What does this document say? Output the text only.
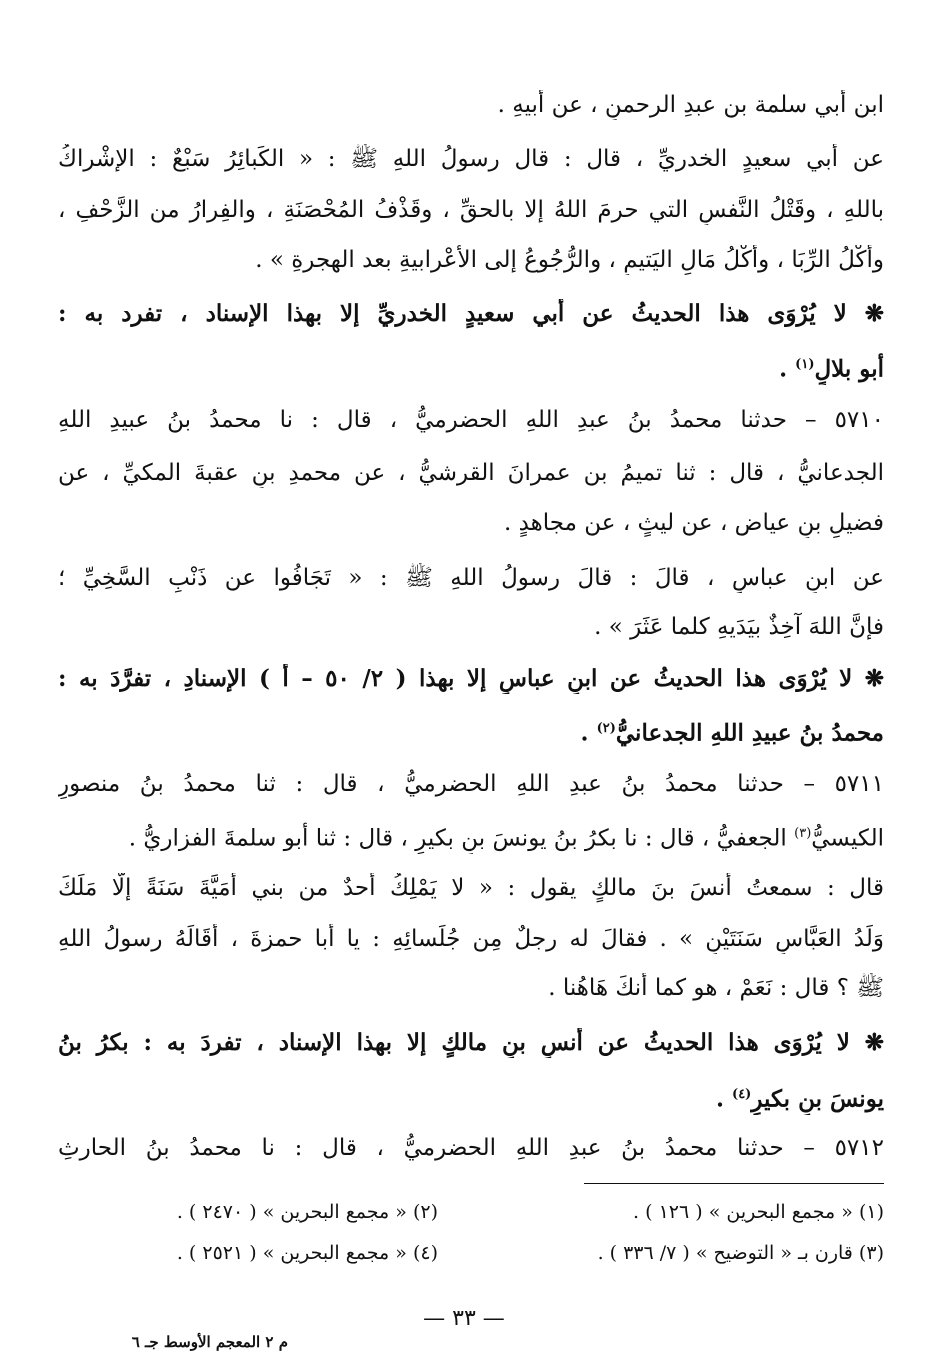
ابن أبي سلمة بن عبدِ الرحمنِ ، عن أبيهِ .
عن أبي سعيدٍ الخدريِّ ، قال : قال رسولُ اللهِ ﷺ : « الكَبائِرُ سَبْعٌ : الإشْراكُ
باللهِ ، وقَتْلُ النَّفسِ التي حرمَ اللهُ إلا بالحقِّ ، وقَذْفُ المُحْصَنَةِ ، والفِرارُ من الزَّحْفِ ،
وأَكْلُ الرِّبَا ، وأَكْلُ مَالِ اليَتيمِ ، والرُّجُوعُ إلى الأَعْرابيةِ بعد الهجرةِ » .
❋ لا يُرْوَى هذا الحديثُ عن أبي سعيدٍ الخدريِّ إلا بهذا الإسناد ، تفرد به :
أبو بلالٍ$^{(١)}$ .
٥٧١٠ – حدثنا محمدُ بنُ عبدِ اللهِ الحضرميُّ ، قال : نا محمدُ بنُ عبيدِ اللهِ
الجدعانيُّ ، قال : ثنا تميمُ بن عمرانَ القرشيُّ ، عن محمدِ بنِ عقبةَ المكيِّ ، عن
فضيلِ بنِ عياضٍ ، عن ليثٍ ، عن مجاهدٍ .
عن ابنِ عباسٍ ، قالَ : قالَ رسولُ اللهِ ﷺ : « تَجَافُوا عن ذَنْبِ السَّخِيِّ ؛
فإنَّ اللهَ آخِذٌ بيَدَيهِ كلما عَثَرَ » .
❋ لا يُرْوَى هذا الحديثُ عن ابنِ عباسٍ إلا بهذا ( ٢/ ٥٠ – أ ) الإسنادِ ، تفرَّدَ به :
محمدُ بنُ عبيدِ اللهِ الجدعانيُّ$^{(٢)}$ .
٥٧١١ – حدثنا محمدُ بنُ عبدِ اللهِ الحضرميُّ ، قال : ثنا محمدُ بنُ منصورٍ
الكيسيُّ$^{(٣)}$ الجعفيُّ ، قال : نا بكرُ بنُ يونسَ بنِ بكيرٍ ، قال : ثنا أبو سلمةَ الفزاريُّ .
قال : سمعتُ أنسَ بنَ مالكٍ يقول : « لا يَمْلِكُ أَحدٌ من بني أُمَيَّةَ سَنَةً إلَّا مَلَكَ
وَلَدُ العَبَّاسِ سَنَتَيْنِ » . فقالَ له رجلٌ مِن جُلَسائِهِ : يا أبا حمزةَ ، أَقَالَهُ رسولُ اللهِ
ﷺ ؟ قال : نَعَمْ ، هو كما أنكَ هَاهُنا .
❋ لا يُرْوَى هذا الحديثُ عن أنسِ بنِ مالكٍ إلا بهذا الإسناد ، تفردَ به : بكرُ بنُ
يونسَ بنِ بكيرٍ$^{(٤)}$ .
٥٧١٢ – حدثنا محمدُ بنُ عبدِ اللهِ الحضرميُّ ، قال : نا محمدُ بنُ الحارثِ
(١) « مجمع البحرين » ( ١٢٦ ) .
(٢) « مجمع البحرين » ( ٢٤٧٠ ) .
(٣) قارن بـ « التوضيح » ( ٧/ ٣٣٦ ) .
(٤) « مجمع البحرين » ( ٢٥٢١ ) .
— ٣٣ —
م ٢ المعجم الأوسط جـ ٦
